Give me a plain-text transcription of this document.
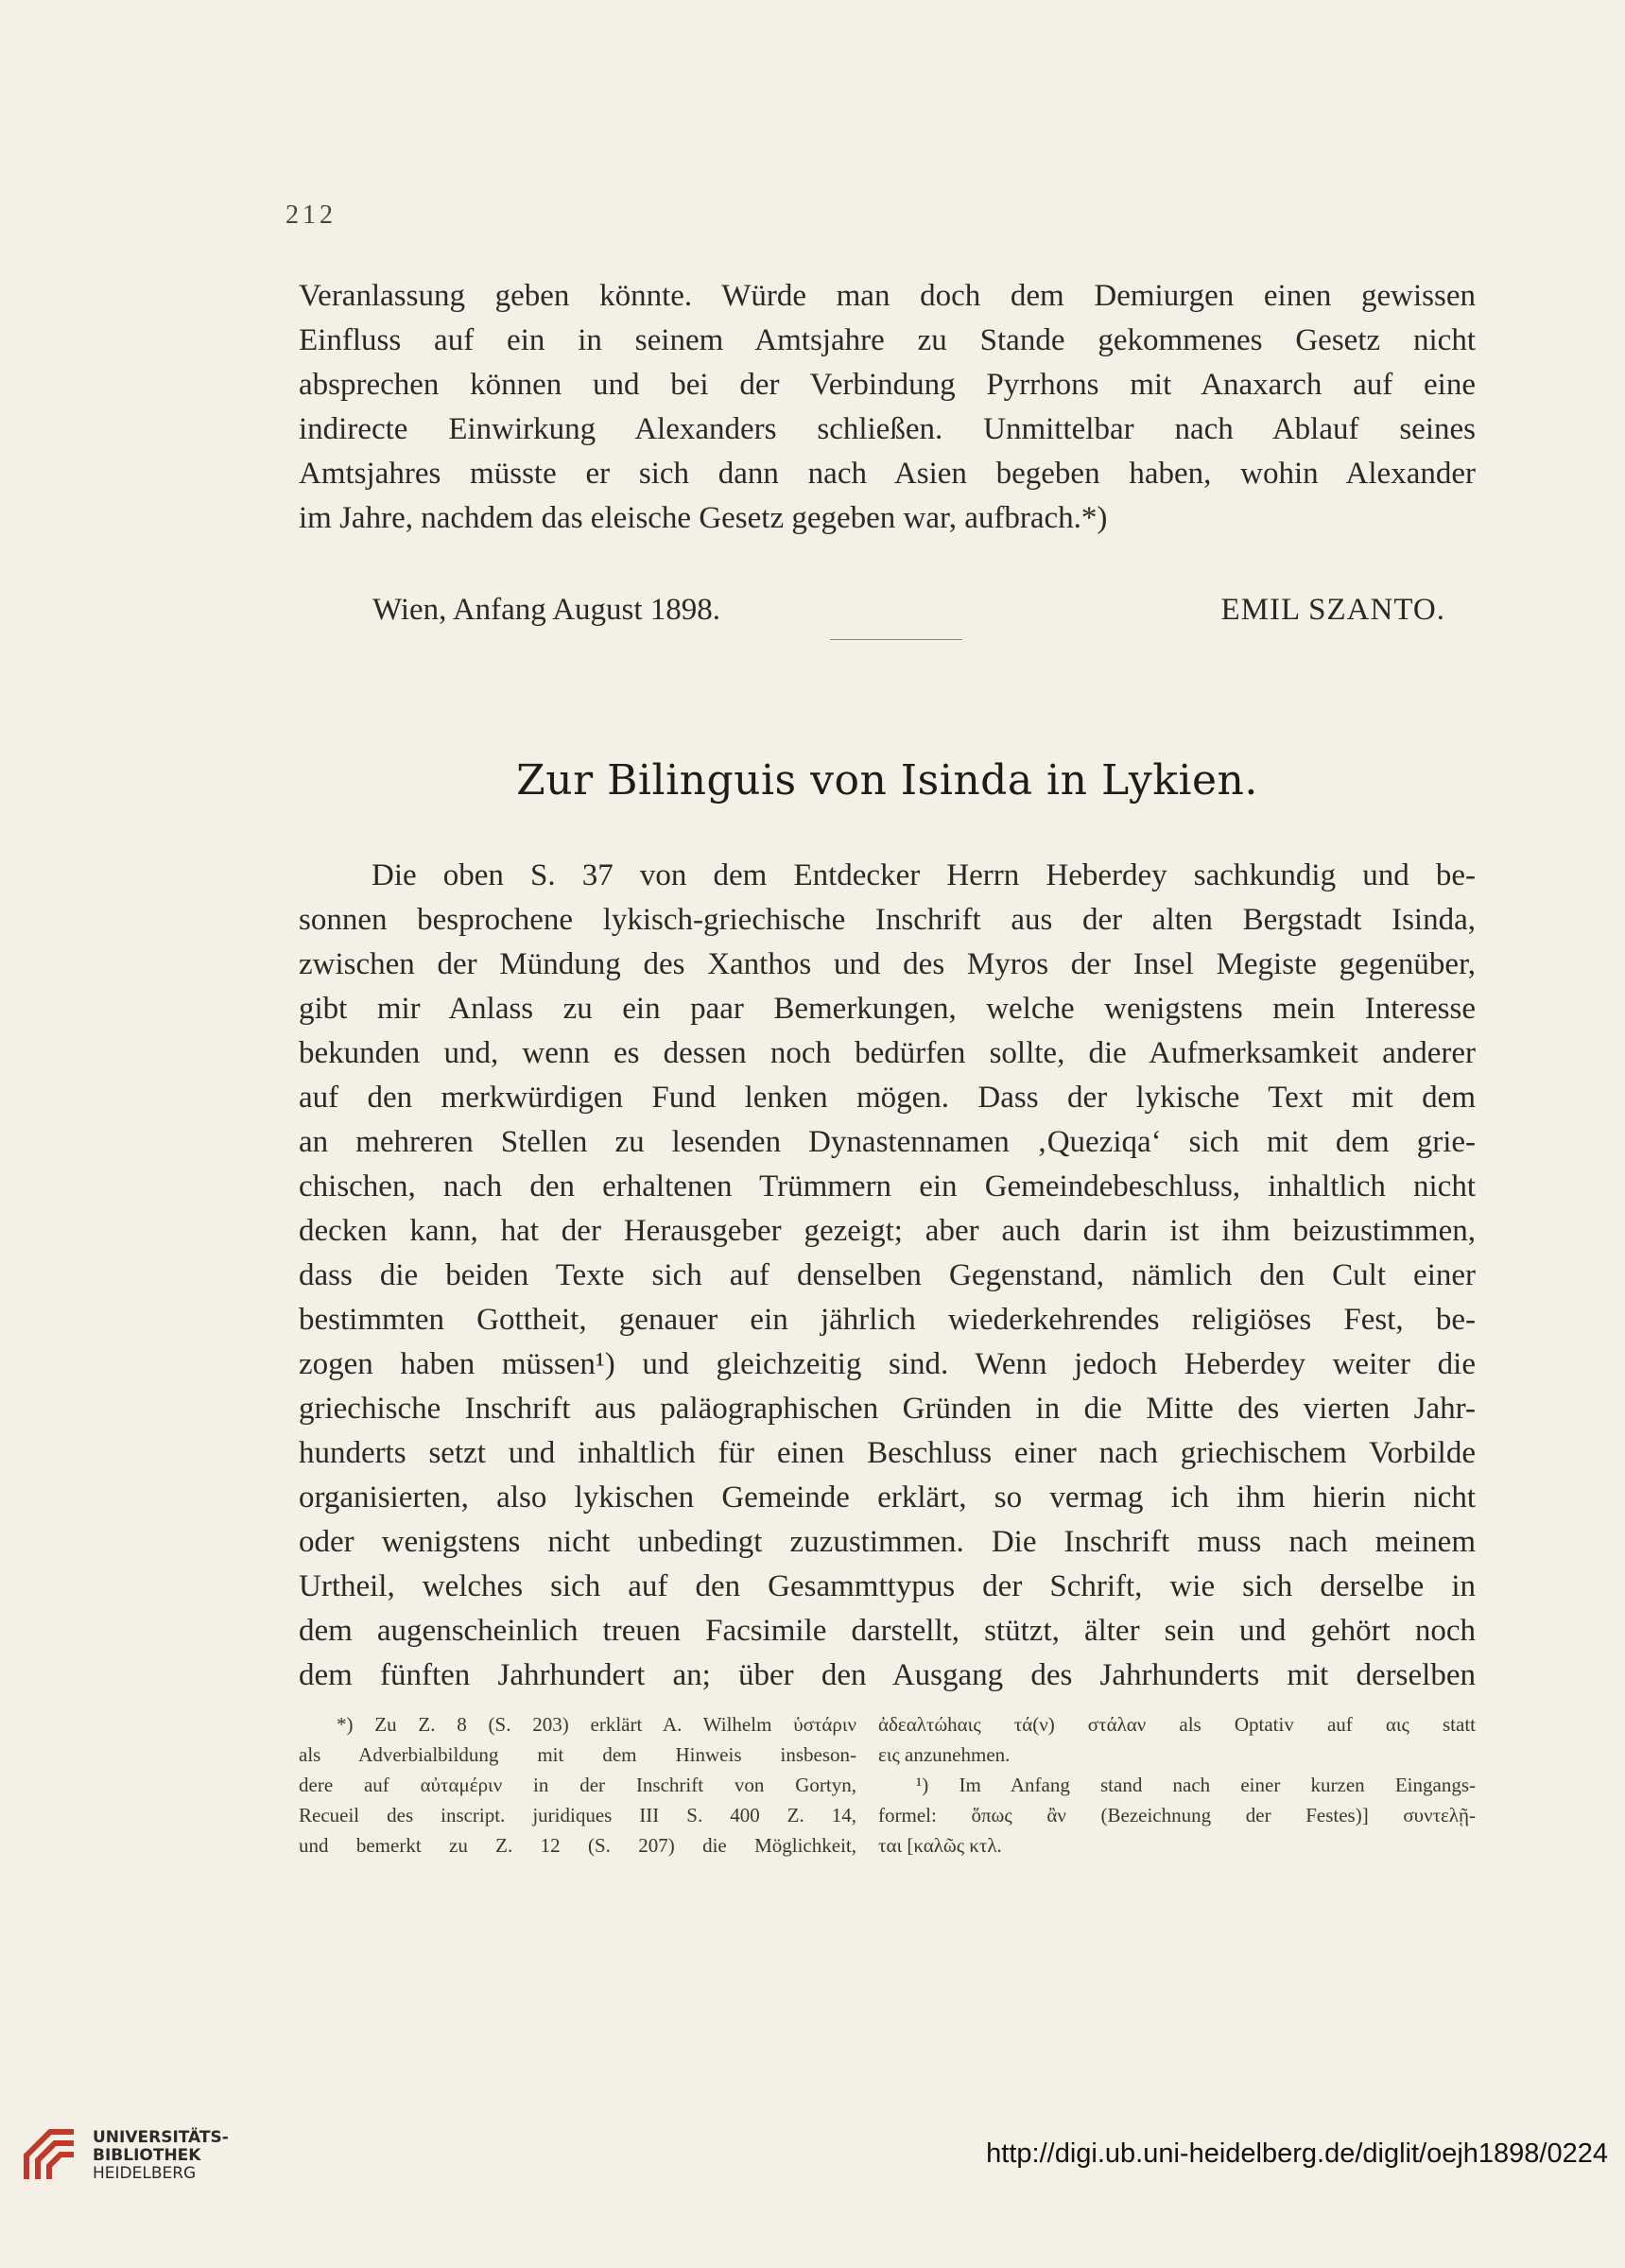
212
Veranlassung geben könnte. Würde man doch dem Demiurgen einen gewissen
Einfluss auf ein in seinem Amtsjahre zu Stande gekommenes Gesetz nicht
absprechen können und bei der Verbindung Pyrrhons mit Anaxarch auf eine
indirecte Einwirkung Alexanders schließen. Unmittelbar nach Ablauf seines
Amtsjahres müsste er sich dann nach Asien begeben haben, wohin Alexander
im Jahre, nachdem das eleische Gesetz gegeben war, aufbrach.*)
Wien, Anfang August 1898.	EMIL SZANTO.
Zur Bilinguis von Isinda in Lykien.
Die oben S. 37 von dem Entdecker Herrn Heberdey sachkundig und be-
sonnen besprochene lykisch-griechische Inschrift aus der alten Bergstadt Isinda,
zwischen der Mündung des Xanthos und des Myros der Insel Megiste gegenüber,
gibt mir Anlass zu ein paar Bemerkungen, welche wenigstens mein Interesse
bekunden und, wenn es dessen noch bedürfen sollte, die Aufmerksamkeit anderer
auf den merkwürdigen Fund lenken mögen. Dass der lykische Text mit dem
an mehreren Stellen zu lesenden Dynastennamen ‚Queziqa‘ sich mit dem grie-
chischen, nach den erhaltenen Trümmern ein Gemeindebeschluss, inhaltlich nicht
decken kann, hat der Herausgeber gezeigt; aber auch darin ist ihm beizustimmen,
dass die beiden Texte sich auf denselben Gegenstand, nämlich den Cult einer
bestimmten Gottheit, genauer ein jährlich wiederkehrendes religiöses Fest, be-
zogen haben müssen¹) und gleichzeitig sind. Wenn jedoch Heberdey weiter die
griechische Inschrift aus paläographischen Gründen in die Mitte des vierten Jahr-
hunderts setzt und inhaltlich für einen Beschluss einer nach griechischem Vorbilde
organisierten, also lykischen Gemeinde erklärt, so vermag ich ihm hierin nicht
oder wenigstens nicht unbedingt zuzustimmen. Die Inschrift muss nach meinem
Urtheil, welches sich auf den Gesammttypus der Schrift, wie sich derselbe in
dem augenscheinlich treuen Facsimile darstellt, stützt, älter sein und gehört noch
dem fünften Jahrhundert an; über den Ausgang des Jahrhunderts mit derselben
*) Zu Z. 8 (S. 203) erklärt A. Wilhelm ὑστάριν
als Adverbialbildung mit dem Hinweis insbeson-
dere auf αὐταμέριν in der Inschrift von Gortyn,
Recueil des inscript. juridiques III S. 400 Z. 14,
und bemerkt zu Z. 12 (S. 207) die Möglichkeit,
ἀδεαλτώhαις τά(ν) στάλαν als Optativ auf αις statt
εις anzunehmen.
¹) Im Anfang stand nach einer kurzen Eingangs-
formel: ὅπως ἂν (Bezeichnung der Festes)] συντελῇ-
ται [καλῶς κτλ.
UNIVERSITÄTS-
BIBLIOTHEK
HEIDELBERG
http://digi.ub.uni-heidelberg.de/diglit/oejh1898/0224
